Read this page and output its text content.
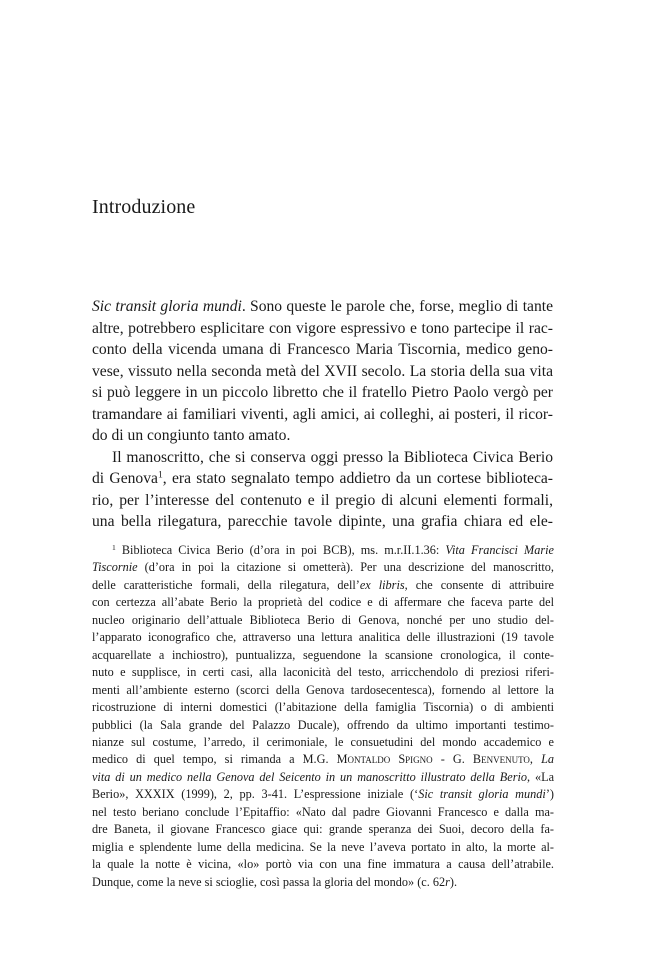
Introduzione
Sic transit gloria mundi. Sono queste le parole che, forse, meglio di tante
altre, potrebbero esplicitare con vigore espressivo e tono partecipe il rac-
conto della vicenda umana di Francesco Maria Tiscornia, medico geno-
vese, vissuto nella seconda metà del XVII secolo. La storia della sua vita
si può leggere in un piccolo libretto che il fratello Pietro Paolo vergò per
tramandare ai familiari viventi, agli amici, ai colleghi, ai posteri, il ricor-
do di un congiunto tanto amato.
Il manoscritto, che si conserva oggi presso la Biblioteca Civica Berio
di Genova$^1$, era stato segnalato tempo addietro da un cortese biblioteca-
rio, per l’interesse del contenuto e il pregio di alcuni elementi formali,
una bella rilegatura, parecchie tavole dipinte, una grafia chiara ed ele-
$^1$ Biblioteca Civica Berio (d’ora in poi BCB), ms. m.r.II.1.36: Vita Francisci Marie
Tiscornie (d’ora in poi la citazione si ometterà). Per una descrizione del manoscritto,
delle caratteristiche formali, della rilegatura, dell’ex libris, che consente di attribuire
con certezza all’abate Berio la proprietà del codice e di affermare che faceva parte del
nucleo originario dell’attuale Biblioteca Berio di Genova, nonché per uno studio del-
l’apparato iconografico che, attraverso una lettura analitica delle illustrazioni (19 tavole
acquarellate a inchiostro), puntualizza, seguendone la scansione cronologica, il conte-
nuto e supplisce, in certi casi, alla laconicità del testo, arricchendolo di preziosi riferi-
menti all’ambiente esterno (scorci della Genova tardosecentesca), fornendo al lettore la
ricostruzione di interni domestici (l’abitazione della famiglia Tiscornia) o di ambienti
pubblici (la Sala grande del Palazzo Ducale), offrendo da ultimo importanti testimo-
nianze sul costume, l’arredo, il cerimoniale, le consuetudini del mondo accademico e
medico di quel tempo, si rimanda a M.G. Montaldo Spigno - G. Benvenuto, La
vita di un medico nella Genova del Seicento in un manoscritto illustrato della Berio, «La
Berio», XXXIX (1999), 2, pp. 3-41. L’espressione iniziale (‘Sic transit gloria mundi’)
nel testo beriano conclude l’Epitaffio: «Nato dal padre Giovanni Francesco e dalla ma-
dre Baneta, il giovane Francesco giace qui: grande speranza dei Suoi, decoro della fa-
miglia e splendente lume della medicina. Se la neve l’aveva portato in alto, la morte al-
la quale la notte è vicina, «lo» portò via con una fine immatura a causa dell’atrabile.
Dunque, come la neve si scioglie, così passa la gloria del mondo» (c. 62r).
